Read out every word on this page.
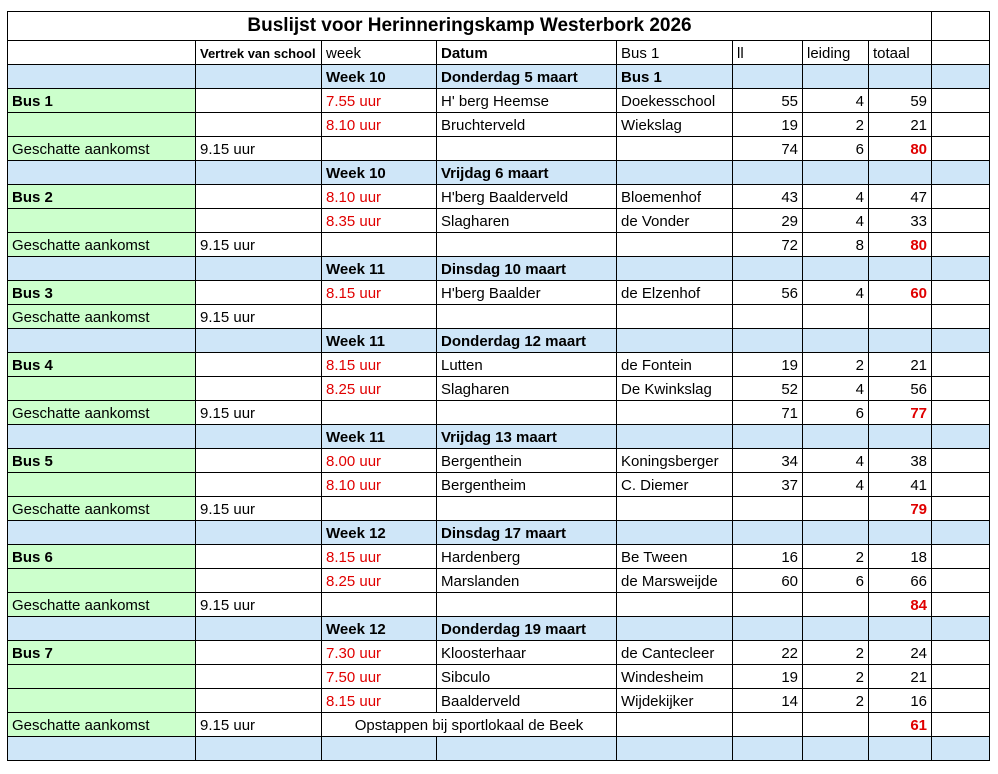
Buslijst voor Herinneringskamp Westerbork 2026								
	Vertrek van school	week	Datum	Bus 1	ll	leiding	totaal	
		Week 10	Donderdag 5 maart	Bus 1				
Bus 1		7.55 uur	H' berg Heemse	Doekesschool	55	4	59	
		8.10 uur	Bruchterveld	Wiekslag	19	2	21	
Geschatte aankomst	9.15 uur				74	6	80	
		Week 10	Vrijdag 6 maart					
Bus 2		8.10 uur	H'berg Baalderveld	Bloemenhof	43	4	47	
		8.35 uur	Slagharen	de Vonder	29	4	33	
Geschatte aankomst	9.15 uur				72	8	80	
		Week 11	Dinsdag 10 maart					
Bus 3		8.15 uur	H'berg Baalder	de Elzenhof	56	4	60	
Geschatte aankomst	9.15 uur							
		Week 11	Donderdag 12 maart					
Bus 4		8.15 uur	Lutten	de Fontein	19	2	21	
		8.25 uur	Slagharen	De Kwinkslag	52	4	56	
Geschatte aankomst	9.15 uur				71	6	77	
		Week 11	Vrijdag 13 maart					
Bus 5		8.00 uur	Bergenthein	Koningsberger	34	4	38	
		8.10 uur	Bergentheim	C. Diemer	37	4	41	
Geschatte aankomst	9.15 uur						79	
		Week 12	Dinsdag 17 maart					
Bus 6		8.15 uur	Hardenberg	Be Tween	16	2	18	
		8.25 uur	Marslanden	de Marsweijde	60	6	66	
Geschatte aankomst	9.15 uur						84	
		Week 12	Donderdag 19 maart					
Bus 7		7.30 uur	Kloosterhaar	de Cantecleer	22	2	24	
		7.50 uur	Sibculo	Windesheim	19	2	21	
		8.15 uur	Baalderveld	Wijdekijker	14	2	16	
Geschatte aankomst	9.15 uur	Opstappen bij sportlokaal de Beek					61	
